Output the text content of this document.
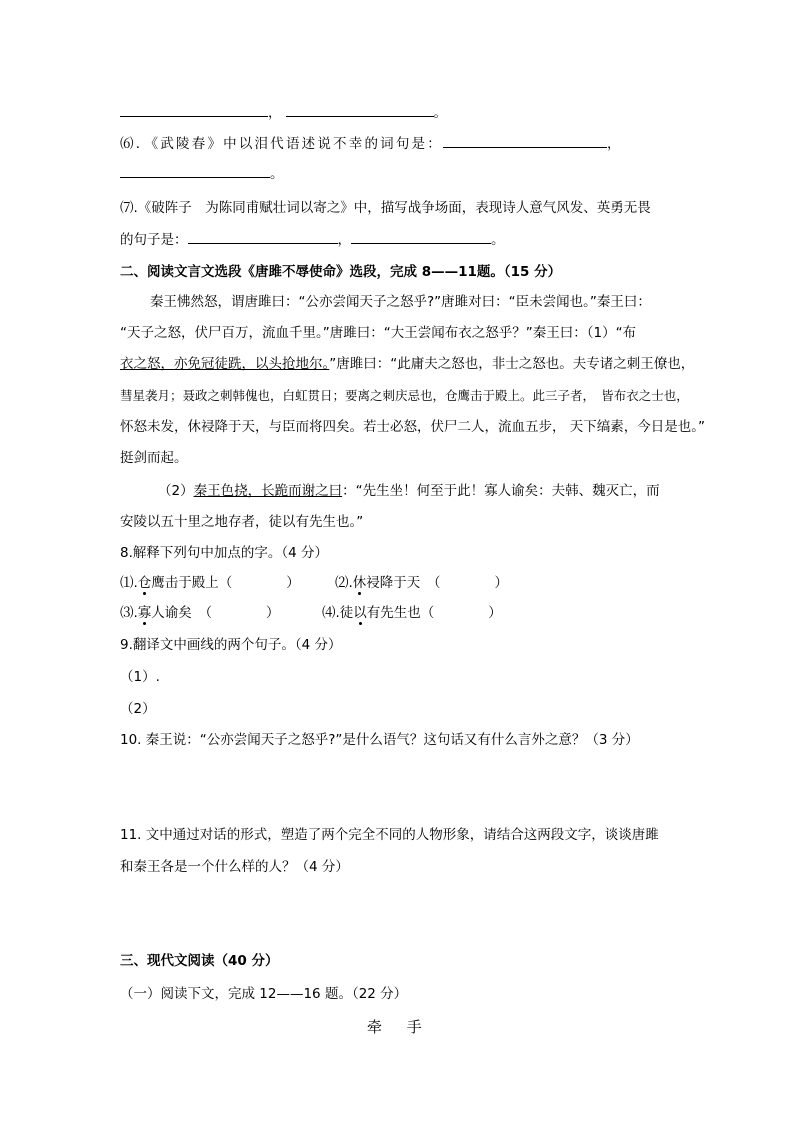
，	。
⑹．《武陵春》中以泪代语述说不幸的词句是：	，
。
⑺.《破阵子　为陈同甫赋壮词以寄之》中，描写战争场面，表现诗人意气风发、英勇无畏
的句子是：	，	。
二、阅读文言文选段《唐雎不辱使命》选段，完成 8——11题。（15 分）
秦王怫然怒，谓唐雎曰：“公亦尝闻天子之怒乎?”唐雎对曰：“臣未尝闻也。”秦王曰：
“天子之怒，伏尸百万，流血千里。”唐雎曰：“大王尝闻布衣之怒乎？”秦王曰：（1）“布
衣之怒，亦免冠徒跣，以头抢地尔。”唐雎曰：“此庸夫之怒也，非士之怒也。夫专诸之刺王僚也，
彗星袭月；聂政之刺韩傀也，白虹贯日；要离之刺庆忌也，仓鹰击于殿上。此三子者，　皆布衣之士也，
怀怒未发，休祲降于天，与臣而将四矣。若士必怒，伏尸二人，流血五步， 天下缟素，今日是也。”
挺剑而起。
（2）秦王色挠，长跪而谢之曰：“先生坐！何至于此！寡人谕矣：夫韩、魏灭亡，而
安陵以五十里之地存者，徒以有先生也。”
8.解释下列句中加点的字。（4 分）
⑴.仓鹰击于殿上（　　　　）	⑵.休祲降于天　（　　　　）
⑶.寡人谕矣　（　　　　）	⑷.徒以有先生也（　　　　）
9.翻译文中画线的两个句子。（4 分）
（1）.
（2）
10. 秦王说：“公亦尝闻天子之怒乎?”是什么语气？这句话又有什么言外之意？（3 分）
11. 文中通过对话的形式，塑造了两个完全不同的人物形象，请结合这两段文字，谈谈唐雎
和秦王各是一个什么样的人？（4 分）
三、现代文阅读（40 分）
（一）阅读下文，完成 12——16 题。（22 分）
牵 手
